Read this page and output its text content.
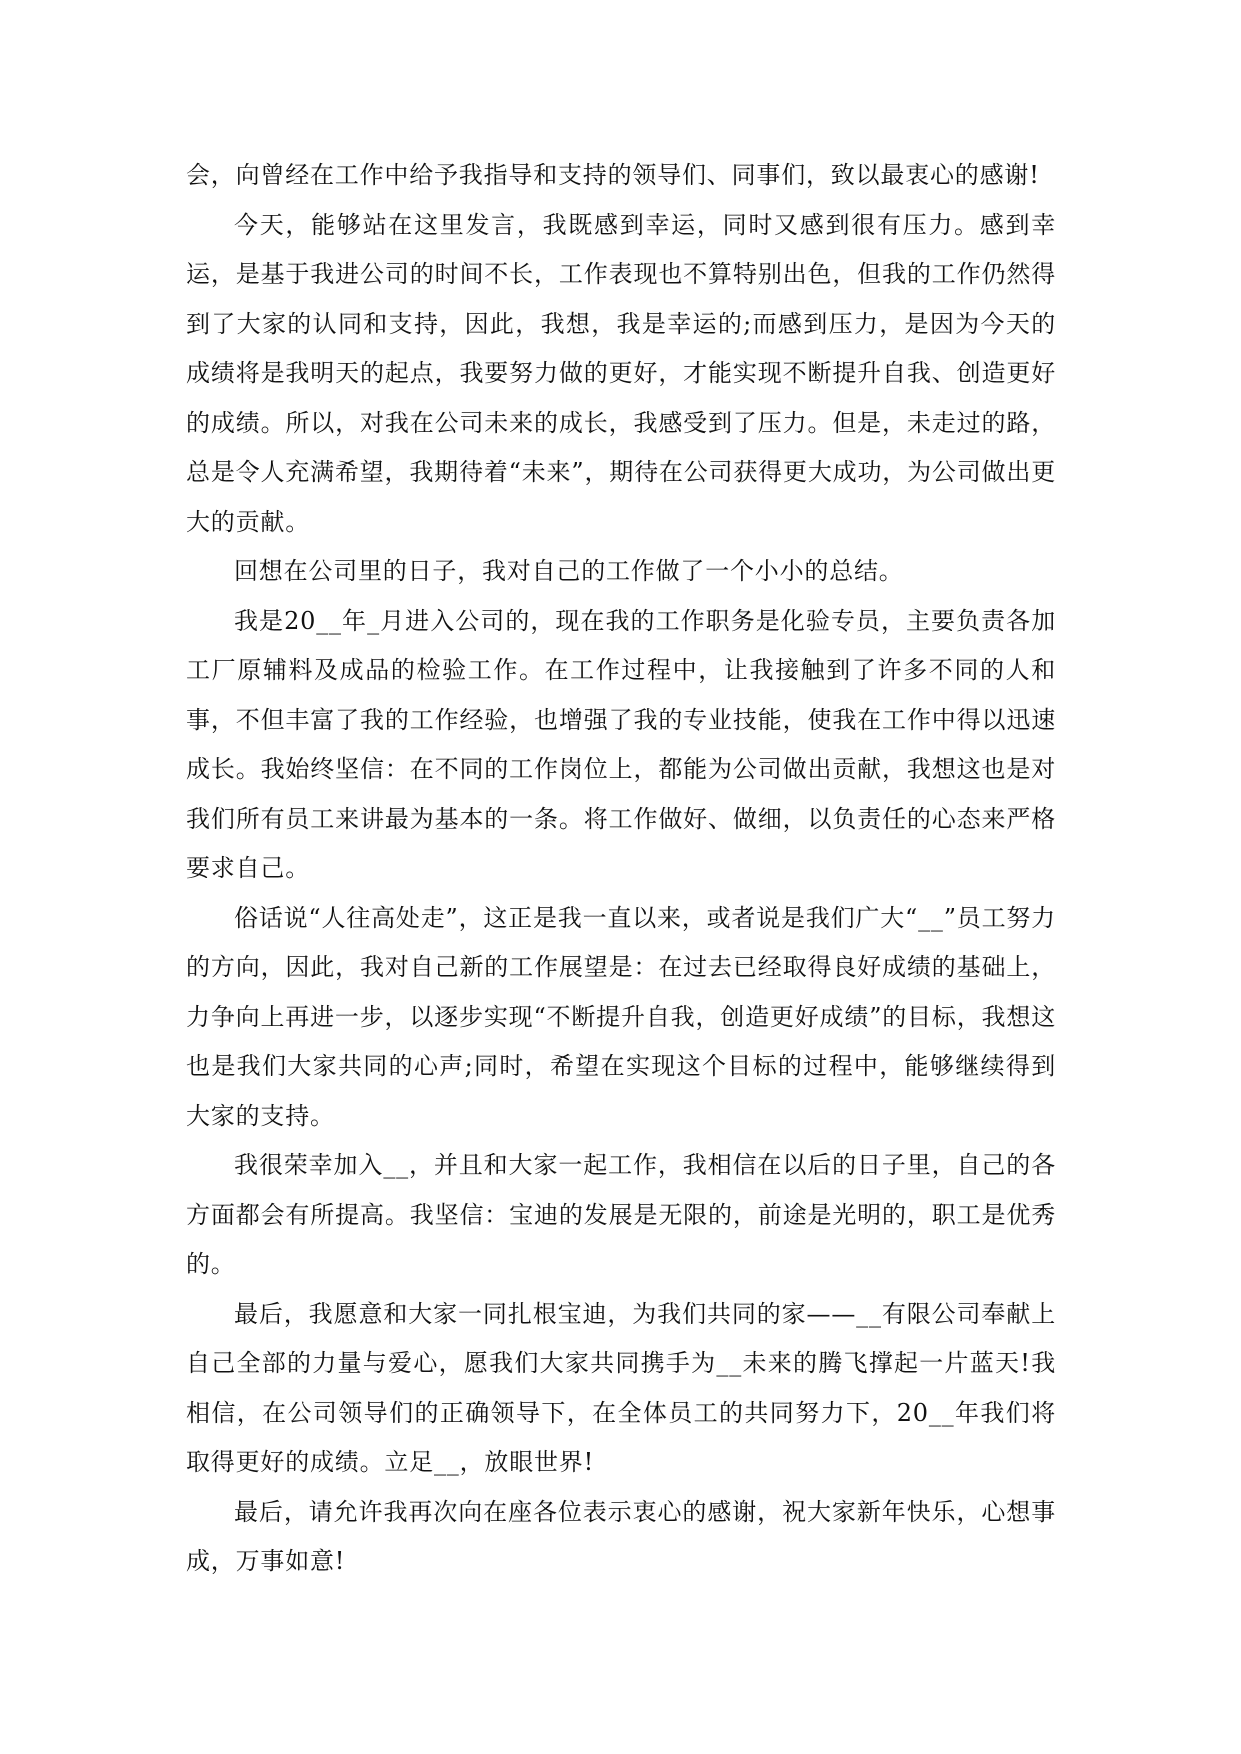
会，向曾经在工作中给予我指导和支持的领导们、同事们，致以最衷心的感谢!

今天，能够站在这里发言，我既感到幸运，同时又感到很有压力。感到幸运，是基于我进公司的时间不长，工作表现也不算特别出色，但我的工作仍然得到了大家的认同和支持，因此，我想，我是幸运的;而感到压力，是因为今天的成绩将是我明天的起点，我要努力做的更好，才能实现不断提升自我、创造更好的成绩。所以，对我在公司未来的成长，我感受到了压力。但是，未走过的路，总是令人充满希望，我期待着“未来”，期待在公司获得更大成功，为公司做出更大的贡献。

回想在公司里的日子，我对自己的工作做了一个小小的总结。

我是20__年_月进入公司的，现在我的工作职务是化验专员，主要负责各加工厂原辅料及成品的检验工作。在工作过程中，让我接触到了许多不同的人和事，不但丰富了我的工作经验，也增强了我的专业技能，使我在工作中得以迅速成长。我始终坚信：在不同的工作岗位上，都能为公司做出贡献，我想这也是对我们所有员工来讲最为基本的一条。将工作做好、做细，以负责任的心态来严格要求自己。

俗话说“人往高处走”，这正是我一直以来，或者说是我们广大“__”员工努力的方向，因此，我对自己新的工作展望是：在过去已经取得良好成绩的基础上，力争向上再进一步，以逐步实现“不断提升自我，创造更好成绩”的目标，我想这也是我们大家共同的心声;同时，希望在实现这个目标的过程中，能够继续得到大家的支持。

我很荣幸加入__，并且和大家一起工作，我相信在以后的日子里，自己的各方面都会有所提高。我坚信：宝迪的发展是无限的，前途是光明的，职工是优秀的。

最后，我愿意和大家一同扎根宝迪，为我们共同的家——__有限公司奉献上自己全部的力量与爱心，愿我们大家共同携手为__未来的腾飞撑起一片蓝天!我相信，在公司领导们的正确领导下，在全体员工的共同努力下，20__年我们将取得更好的成绩。立足__，放眼世界!

最后，请允许我再次向在座各位表示衷心的感谢，祝大家新年快乐，心想事成，万事如意!
